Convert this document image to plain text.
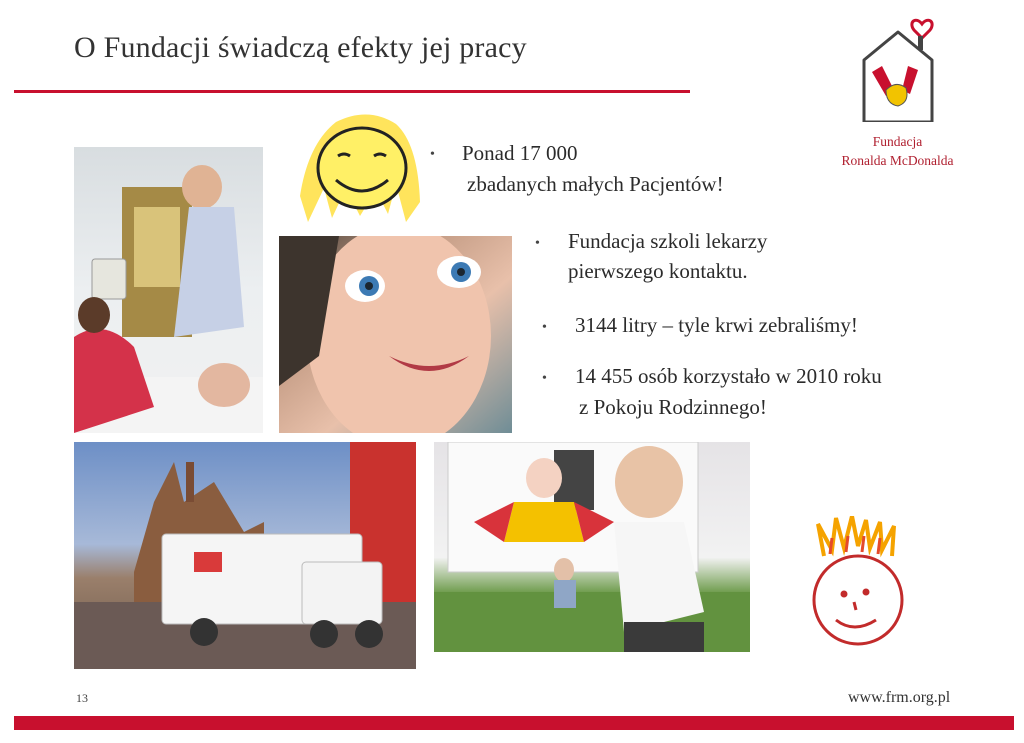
O Fundacji świadczą efekty jej pracy
Fundacja
Ronalda McDonalda
• Ponad 17 000
zbadanych małych Pacjentów!
• Fundacja szkoli lekarzy
pierwszego kontaktu.
• 3144 litry – tyle krwi zebraliśmy!
• 14 455 osób korzystało w 2010 roku
z Pokoju Rodzinnego!
13	www.frm.org.pl
